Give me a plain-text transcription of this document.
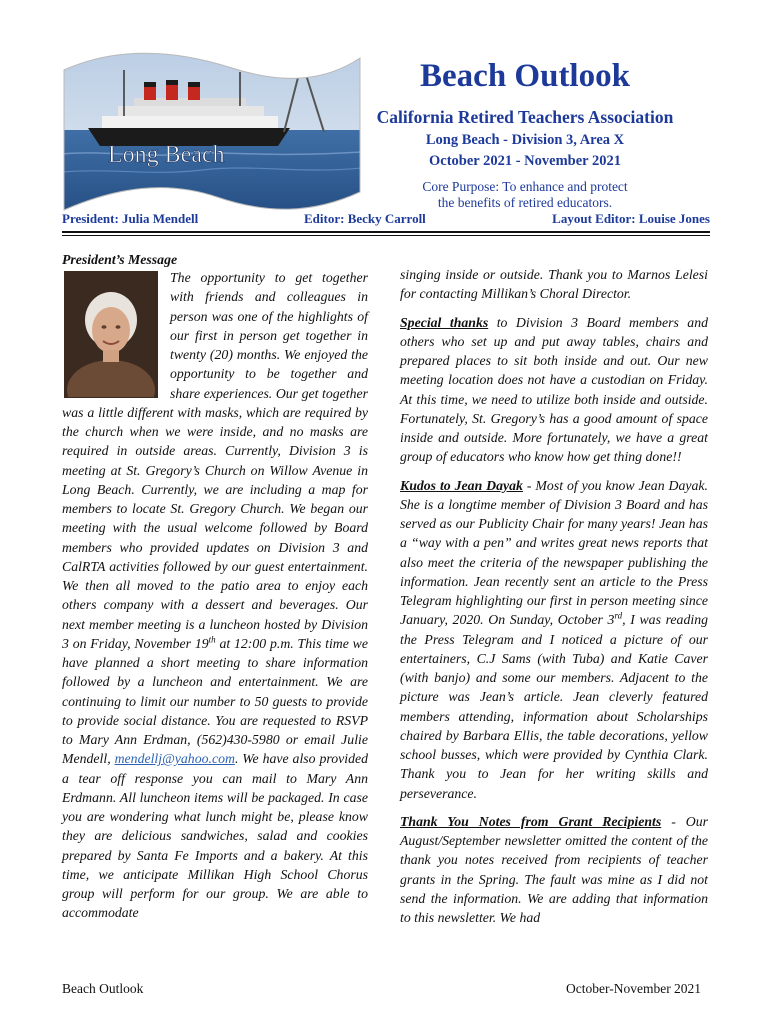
Long Beach
Beach Outlook
California Retired Teachers Association
Long Beach - Division 3, Area X
October 2021 - November 2021
Core Purpose: To enhance and protect
the benefits of retired educators.
President: Julia Mendell	Editor: Becky Carroll	Layout Editor: Louise Jones
President’s Message

The opportunity to get together with friends and colleagues in person was one of the highlights of our first in person get together in twenty (20) months. We enjoyed the opportunity to be together and share experiences. Our get together was a little different with masks, which are required by the church when we were inside, and no masks are required in outside areas. Currently, Division 3 is meeting at St. Gregory’s Church on Willow Avenue in Long Beach. Currently, we are including a map for members to locate St. Gregory Church. We began our meeting with the usual welcome followed by Board members who provided updates on Division 3 and CalRTA activities followed by our guest entertainment. We then all moved to the patio area to enjoy each others company with a dessert and beverages. Our next member meeting is a luncheon hosted by Division 3 on Friday, November 19th at 12:00 p.m. This time we have planned a short meeting to share information followed by a luncheon and entertainment. We are continuing to limit our number to 50 guests to provide to provide social distance. You are requested to RSVP to Mary Ann Erdman, (562)430-5980 or email Julie Mendell, mendellj@yahoo.com. We have also provided a tear off response you can mail to Mary Ann Erdmann. All luncheon items will be packaged. In case you are wondering what lunch might be, please know they are delicious sandwiches, salad and cookies prepared by Santa Fe Imports and a bakery. At this time, we anticipate Millikan High School Chorus group will perform for our group. We are able to accommodate

singing inside or outside. Thank you to Marnos Lelesi for contacting Millikan’s Choral Director.

Special thanks to Division 3 Board members and others who set up and put away tables, chairs and prepared places to sit both inside and out. Our new meeting location does not have a custodian on Friday. At this time, we need to utilize both inside and outside. Fortunately, St. Gregory’s has a good amount of space inside and outside. More fortunately, we have a great group of educators who know how get thing done!!

Kudos to Jean Dayak - Most of you know Jean Dayak. She is a longtime member of Division 3 Board and has served as our Publicity Chair for many years! Jean has a “way with a pen” and writes great news reports that also meet the criteria of the newspaper publishing the information. Jean recently sent an article to the Press Telegram highlighting our first in person meeting since January, 2020. On Sunday, October 3rd, I was reading the Press Telegram and I noticed a picture of our entertainers, C.J Sams (with Tuba) and Katie Caver (with banjo) and some our members. Adjacent to the picture was Jean’s article. Jean cleverly featured members attending, information about Scholarships chaired by Barbara Ellis, the table decorations, yellow school busses, which were provided by Cynthia Clark. Thank you to Jean for her writing skills and perseverance.

Thank You Notes from Grant Recipients - Our August/September newsletter omitted the content of the thank you notes received from recipients of teacher grants in the Spring. The fault was mine as I did not send the information. We are adding that information to this newsletter. We had

Beach Outlook	October-November 2021
